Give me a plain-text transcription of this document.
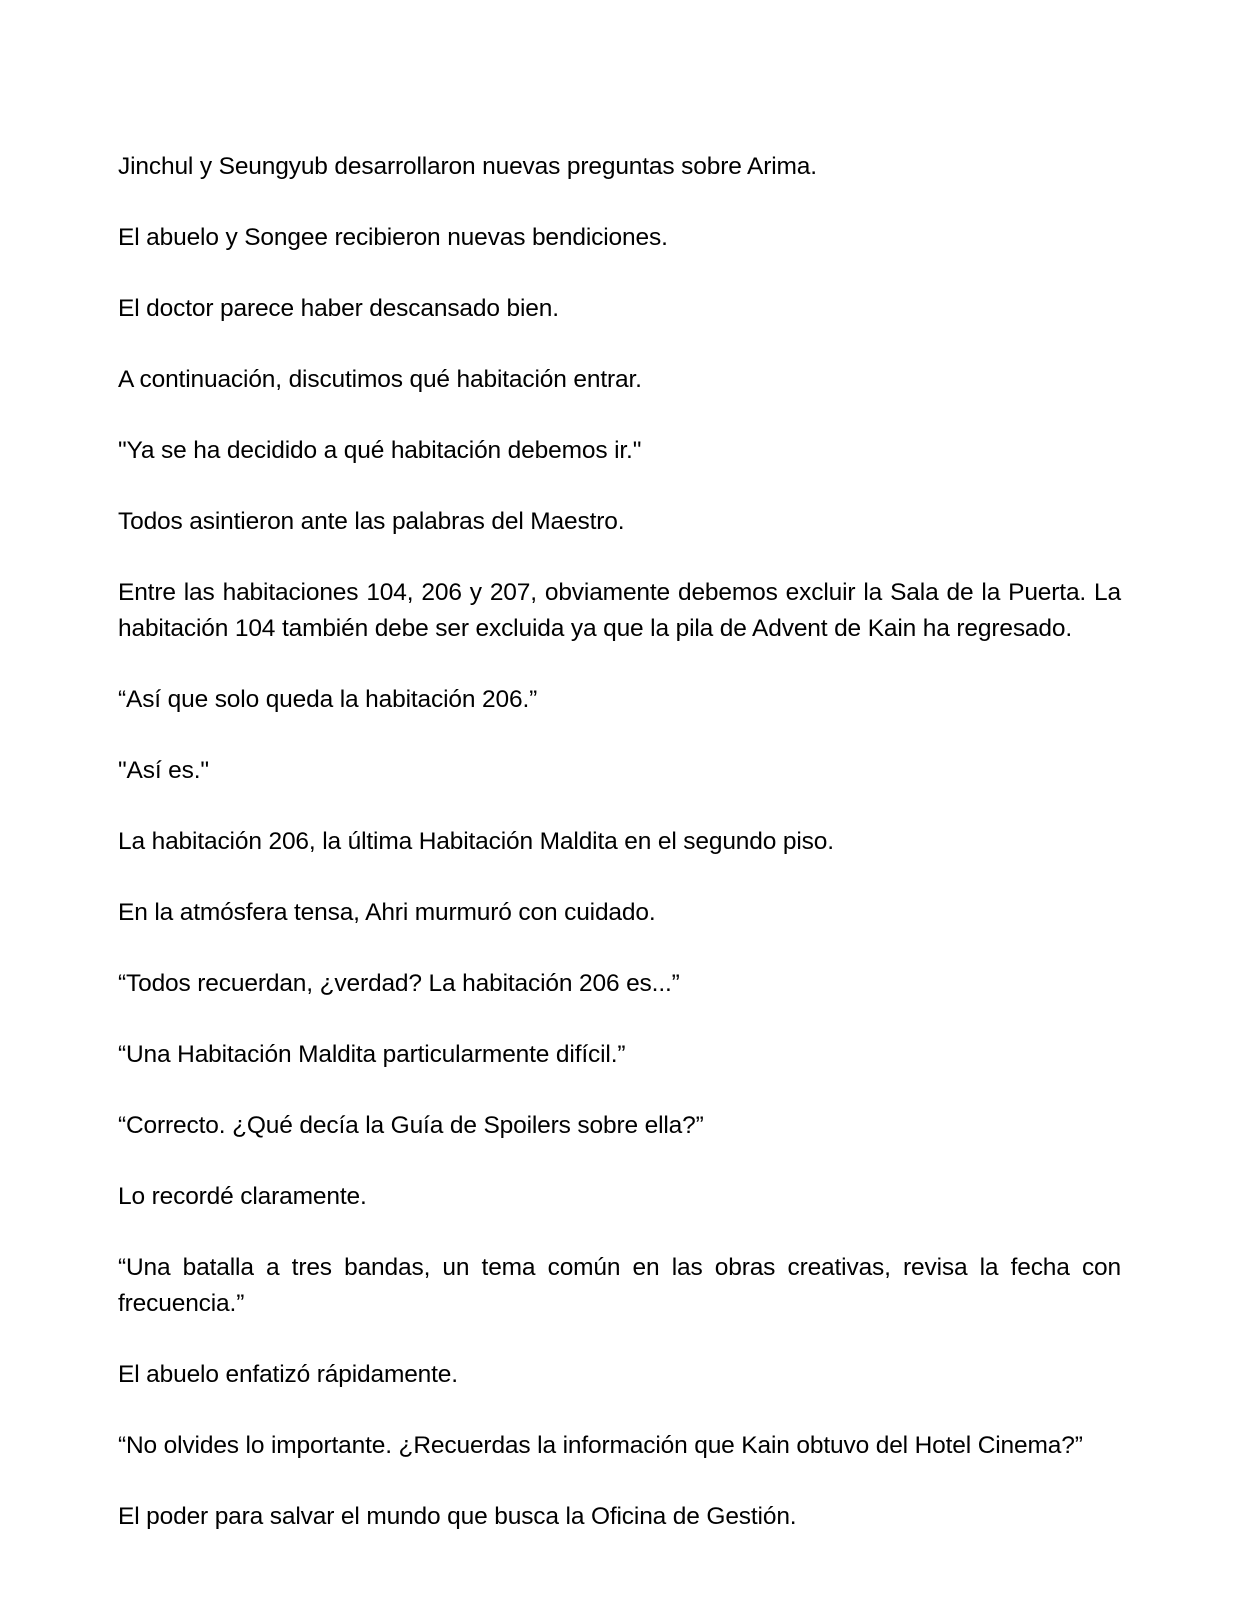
Jinchul y Seungyub desarrollaron nuevas preguntas sobre Arima.

El abuelo y Songee recibieron nuevas bendiciones.

El doctor parece haber descansado bien.

A continuación, discutimos qué habitación entrar.

"Ya se ha decidido a qué habitación debemos ir."

Todos asintieron ante las palabras del Maestro.

Entre las habitaciones 104, 206 y 207, obviamente debemos excluir la Sala de la Puerta. La habitación 104 también debe ser excluida ya que la pila de Advent de Kain ha regresado.

“Así que solo queda la habitación 206.”

"Así es."

La habitación 206, la última Habitación Maldita en el segundo piso.

En la atmósfera tensa, Ahri murmuró con cuidado.

“Todos recuerdan, ¿verdad? La habitación 206 es...”

“Una Habitación Maldita particularmente difícil.”

“Correcto. ¿Qué decía la Guía de Spoilers sobre ella?”

Lo recordé claramente.

“Una batalla a tres bandas, un tema común en las obras creativas, revisa la fecha con frecuencia.”

El abuelo enfatizó rápidamente.

“No olvides lo importante. ¿Recuerdas la información que Kain obtuvo del Hotel Cinema?”

El poder para salvar el mundo que busca la Oficina de Gestión.
